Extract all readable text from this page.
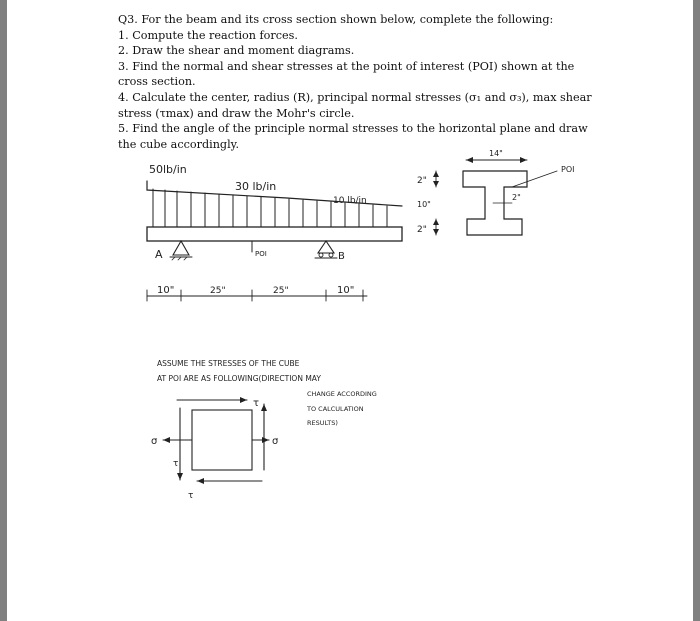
Q3. For the beam and its cross section shown below, complete the following:
1. Compute the reaction forces.
2. Draw the shear and moment diagrams.
3. Find the normal and shear stresses at the point of interest (POI) shown at the
cross section.
4. Calculate the center, radius (R), principal normal stresses (σ₁ and σ₃), max shear
stress (τmax) and draw the Mohr's circle.
5. Find the angle of the principle normal stresses to the horizontal plane and draw
the cube accordingly.
50lb/in
30 lb/in
10 lb/in
A	B
POI
10"	25"	25"	10"
14"
POI
2"
10"
2"
2"
ASSUME THE STRESSES OF THE CUBE
AT POI ARE AS FOLLOWING(DIRECTION MAY
CHANGE ACCORDING
TO CALCULATION
RESULTS)
τ
σ	σ
τ
τ
